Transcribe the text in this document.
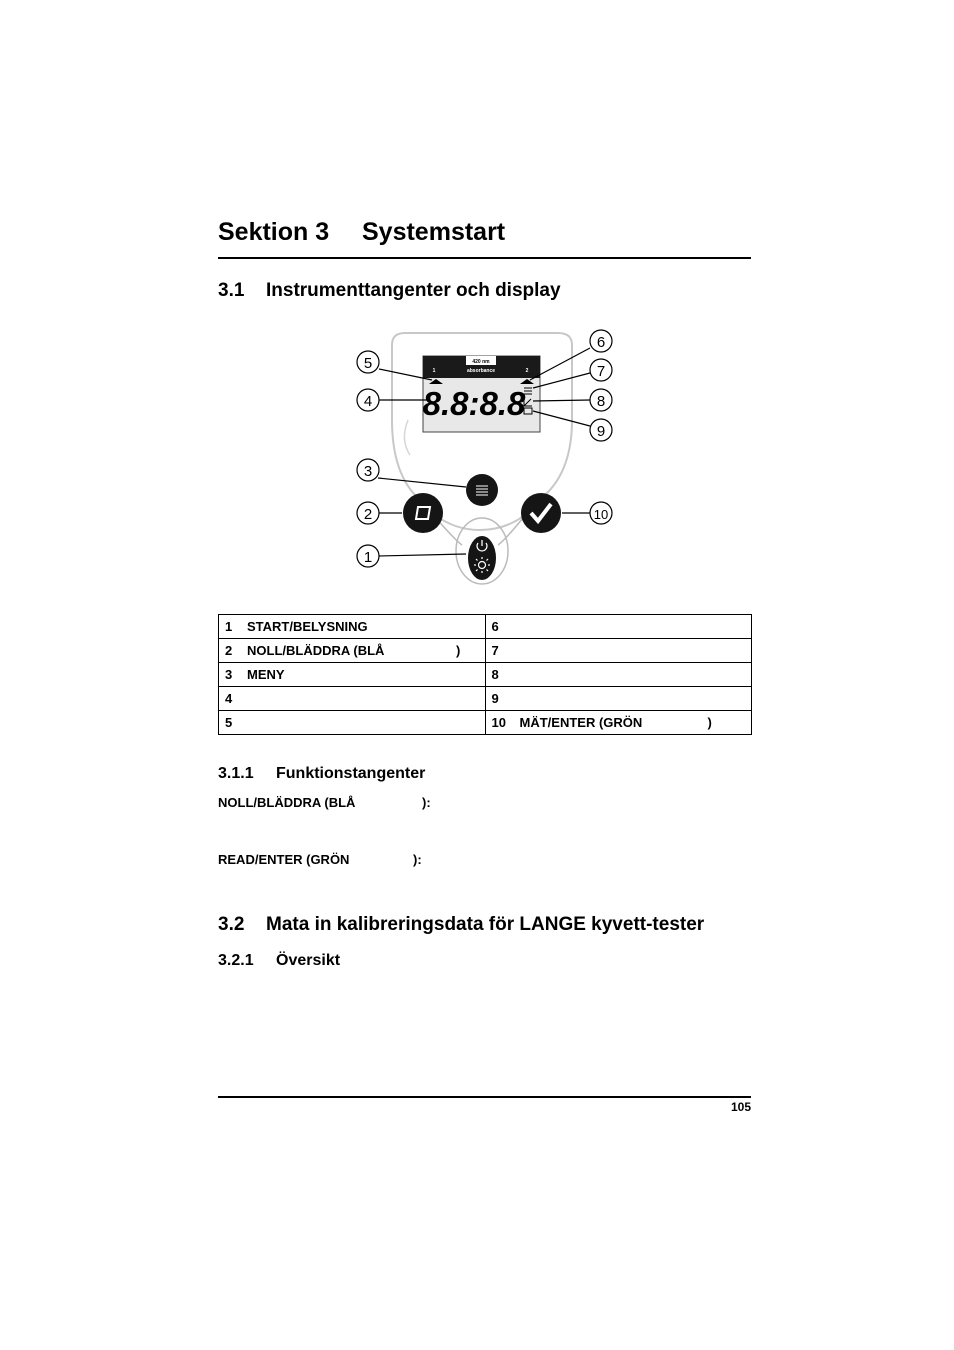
Sektion 3 Systemstart
3.1 Instrumenttangenter och display
420 nm
absorbance
1	2
8.8:8.8
5
4
3
2
1
6
7
8
9
10
1 START/BELYSNING	6
2 NOLL/BLÄDDRA (BLÅ )	7
3 MENY	8
4	9
5	10 MÄT/ENTER (GRÖN )
3.1.1 Funktionstangenter
NOLL/BLÄDDRA (BLÅ	):
READ/ENTER (GRÖN	):
3.2 Mata in kalibreringsdata för LANGE kyvett-tester
3.2.1 Översikt
105
